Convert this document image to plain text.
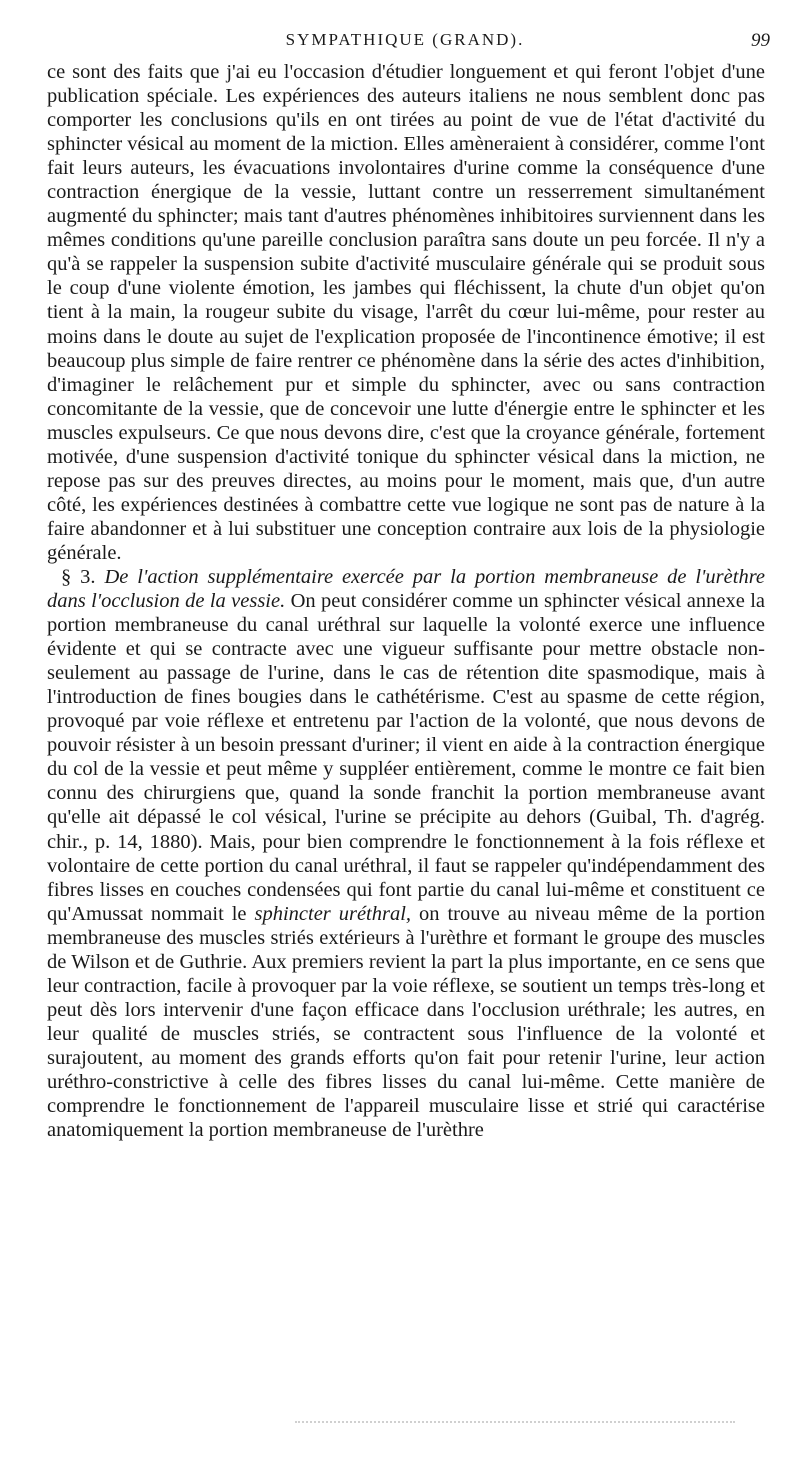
SYMPATHIQUE (GRAND).	99

ce sont des faits que j'ai eu l'occasion d'étudier longuement et qui feront l'objet d'une publication spéciale. Les expériences des auteurs italiens ne nous semblent donc pas comporter les conclusions qu'ils en ont tirées au point de vue de l'état d'activité du sphincter vésical au moment de la miction. Elles amèneraient à considérer, comme l'ont fait leurs auteurs, les évacuations involontaires d'urine comme la conséquence d'une contraction énergique de la vessie, luttant contre un resserrement simultanément augmenté du sphincter; mais tant d'autres phénomènes inhibitoires surviennent dans les mêmes conditions qu'une pareille conclusion paraîtra sans doute un peu forcée. Il n'y a qu'à se rappeler la suspension subite d'activité musculaire générale qui se produit sous le coup d'une violente émotion, les jambes qui fléchissent, la chute d'un objet qu'on tient à la main, la rougeur subite du visage, l'arrêt du cœur lui-même, pour rester au moins dans le doute au sujet de l'explication proposée de l'incontinence émotive; il est beaucoup plus simple de faire rentrer ce phénomène dans la série des actes d'inhibition, d'imaginer le relâchement pur et simple du sphincter, avec ou sans contraction concomitante de la vessie, que de concevoir une lutte d'énergie entre le sphincter et les muscles expulseurs. Ce que nous devons dire, c'est que la croyance générale, fortement motivée, d'une suspension d'activité tonique du sphincter vésical dans la miction, ne repose pas sur des preuves directes, au moins pour le moment, mais que, d'un autre côté, les expériences destinées à combattre cette vue logique ne sont pas de nature à la faire abandonner et à lui substituer une conception contraire aux lois de la physiologie générale.

§ 3. De l'action supplémentaire exercée par la portion membraneuse de l'urèthre dans l'occlusion de la vessie. On peut considérer comme un sphincter vésical annexe la portion membraneuse du canal uréthral sur laquelle la volonté exerce une influence évidente et qui se contracte avec une vigueur suffisante pour mettre obstacle non-seulement au passage de l'urine, dans le cas de rétention dite spasmodique, mais à l'introduction de fines bougies dans le cathétérisme. C'est au spasme de cette région, provoqué par voie réflexe et entretenu par l'action de la volonté, que nous devons de pouvoir résister à un besoin pressant d'uriner; il vient en aide à la contraction énergique du col de la vessie et peut même y suppléer entièrement, comme le montre ce fait bien connu des chirurgiens que, quand la sonde franchit la portion membraneuse avant qu'elle ait dépassé le col vésical, l'urine se précipite au dehors (Guibal, Th. d'agrég. chir., p. 14, 1880). Mais, pour bien comprendre le fonctionnement à la fois réflexe et volontaire de cette portion du canal uréthral, il faut se rappeler qu'indépendamment des fibres lisses en couches condensées qui font partie du canal lui-même et constituent ce qu'Amussat nommait le sphincter uréthral, on trouve au niveau même de la portion membraneuse des muscles striés extérieurs à l'urèthre et formant le groupe des muscles de Wilson et de Guthrie. Aux premiers revient la part la plus importante, en ce sens que leur contraction, facile à provoquer par la voie réflexe, se soutient un temps très-long et peut dès lors intervenir d'une façon efficace dans l'occlusion uréthrale; les autres, en leur qualité de muscles striés, se contractent sous l'influence de la volonté et surajoutent, au moment des grands efforts qu'on fait pour retenir l'urine, leur action uréthro-constrictive à celle des fibres lisses du canal lui-même. Cette manière de comprendre le fonctionnement de l'appareil musculaire lisse et strié qui caractérise anatomiquement la portion membraneuse de l'urèthre
